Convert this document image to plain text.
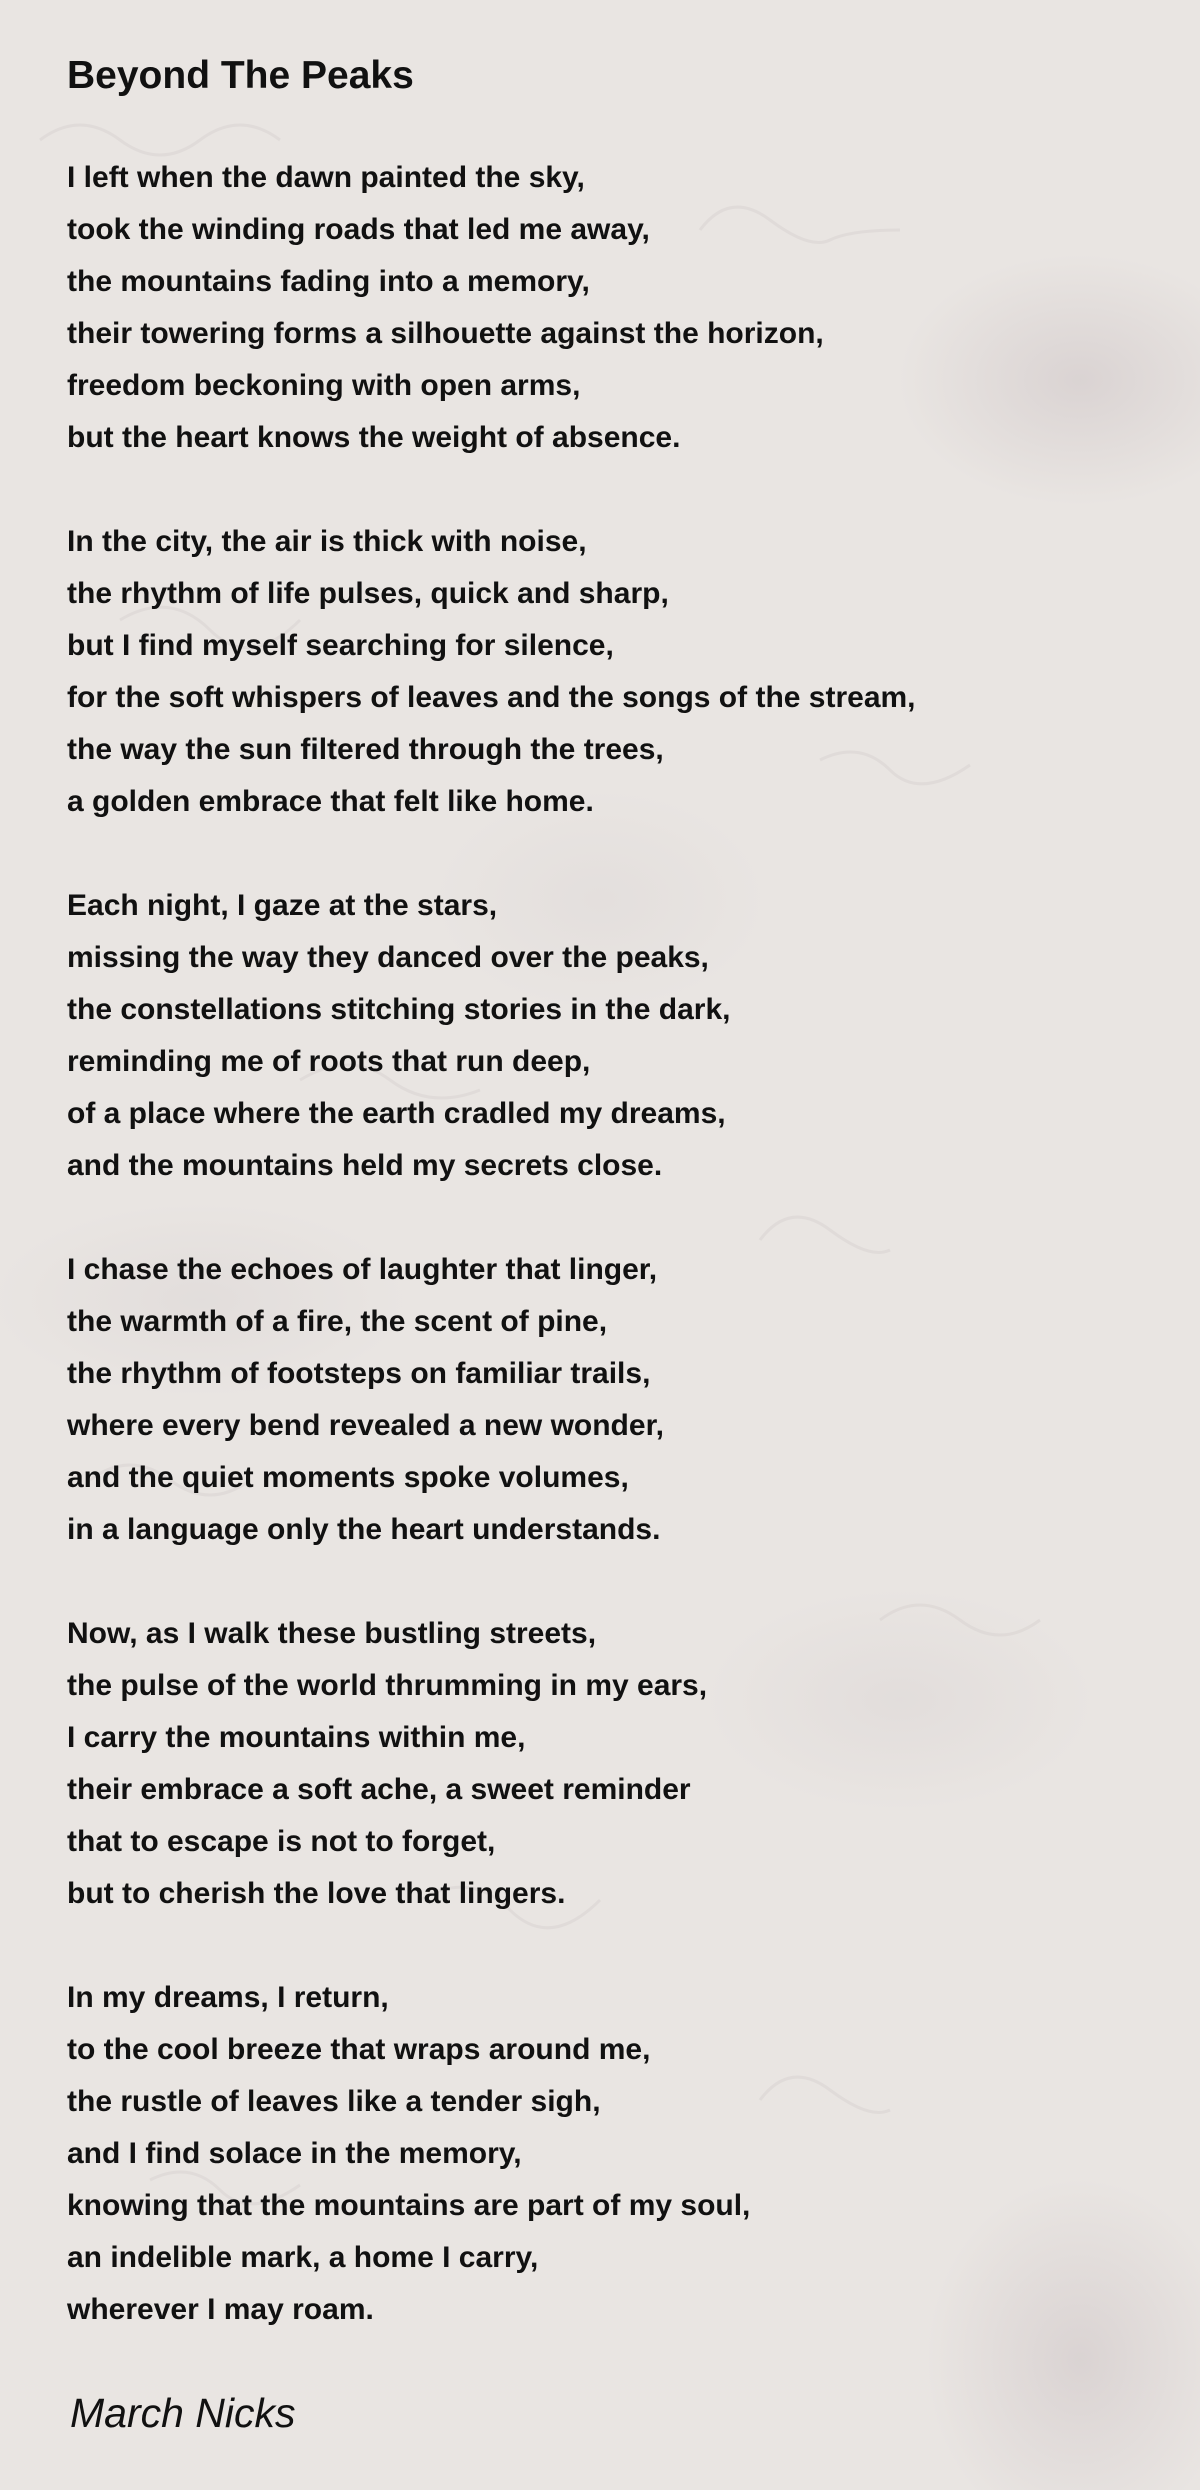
Beyond The Peaks
I left when the dawn painted the sky,
took the winding roads that led me away,
the mountains fading into a memory,
their towering forms a silhouette against the horizon,
freedom beckoning with open arms,
but the heart knows the weight of absence.
In the city, the air is thick with noise,
the rhythm of life pulses, quick and sharp,
but I find myself searching for silence,
for the soft whispers of leaves and the songs of the stream,
the way the sun filtered through the trees,
a golden embrace that felt like home.
Each night, I gaze at the stars,
missing the way they danced over the peaks,
the constellations stitching stories in the dark,
reminding me of roots that run deep,
of a place where the earth cradled my dreams,
and the mountains held my secrets close.
I chase the echoes of laughter that linger,
the warmth of a fire, the scent of pine,
the rhythm of footsteps on familiar trails,
where every bend revealed a new wonder,
and the quiet moments spoke volumes,
in a language only the heart understands.
Now, as I walk these bustling streets,
the pulse of the world thrumming in my ears,
I carry the mountains within me,
their embrace a soft ache, a sweet reminder
that to escape is not to forget,
but to cherish the love that lingers.
In my dreams, I return,
to the cool breeze that wraps around me,
the rustle of leaves like a tender sigh,
and I find solace in the memory,
knowing that the mountains are part of my soul,
an indelible mark, a home I carry,
wherever I may roam.
March Nicks
